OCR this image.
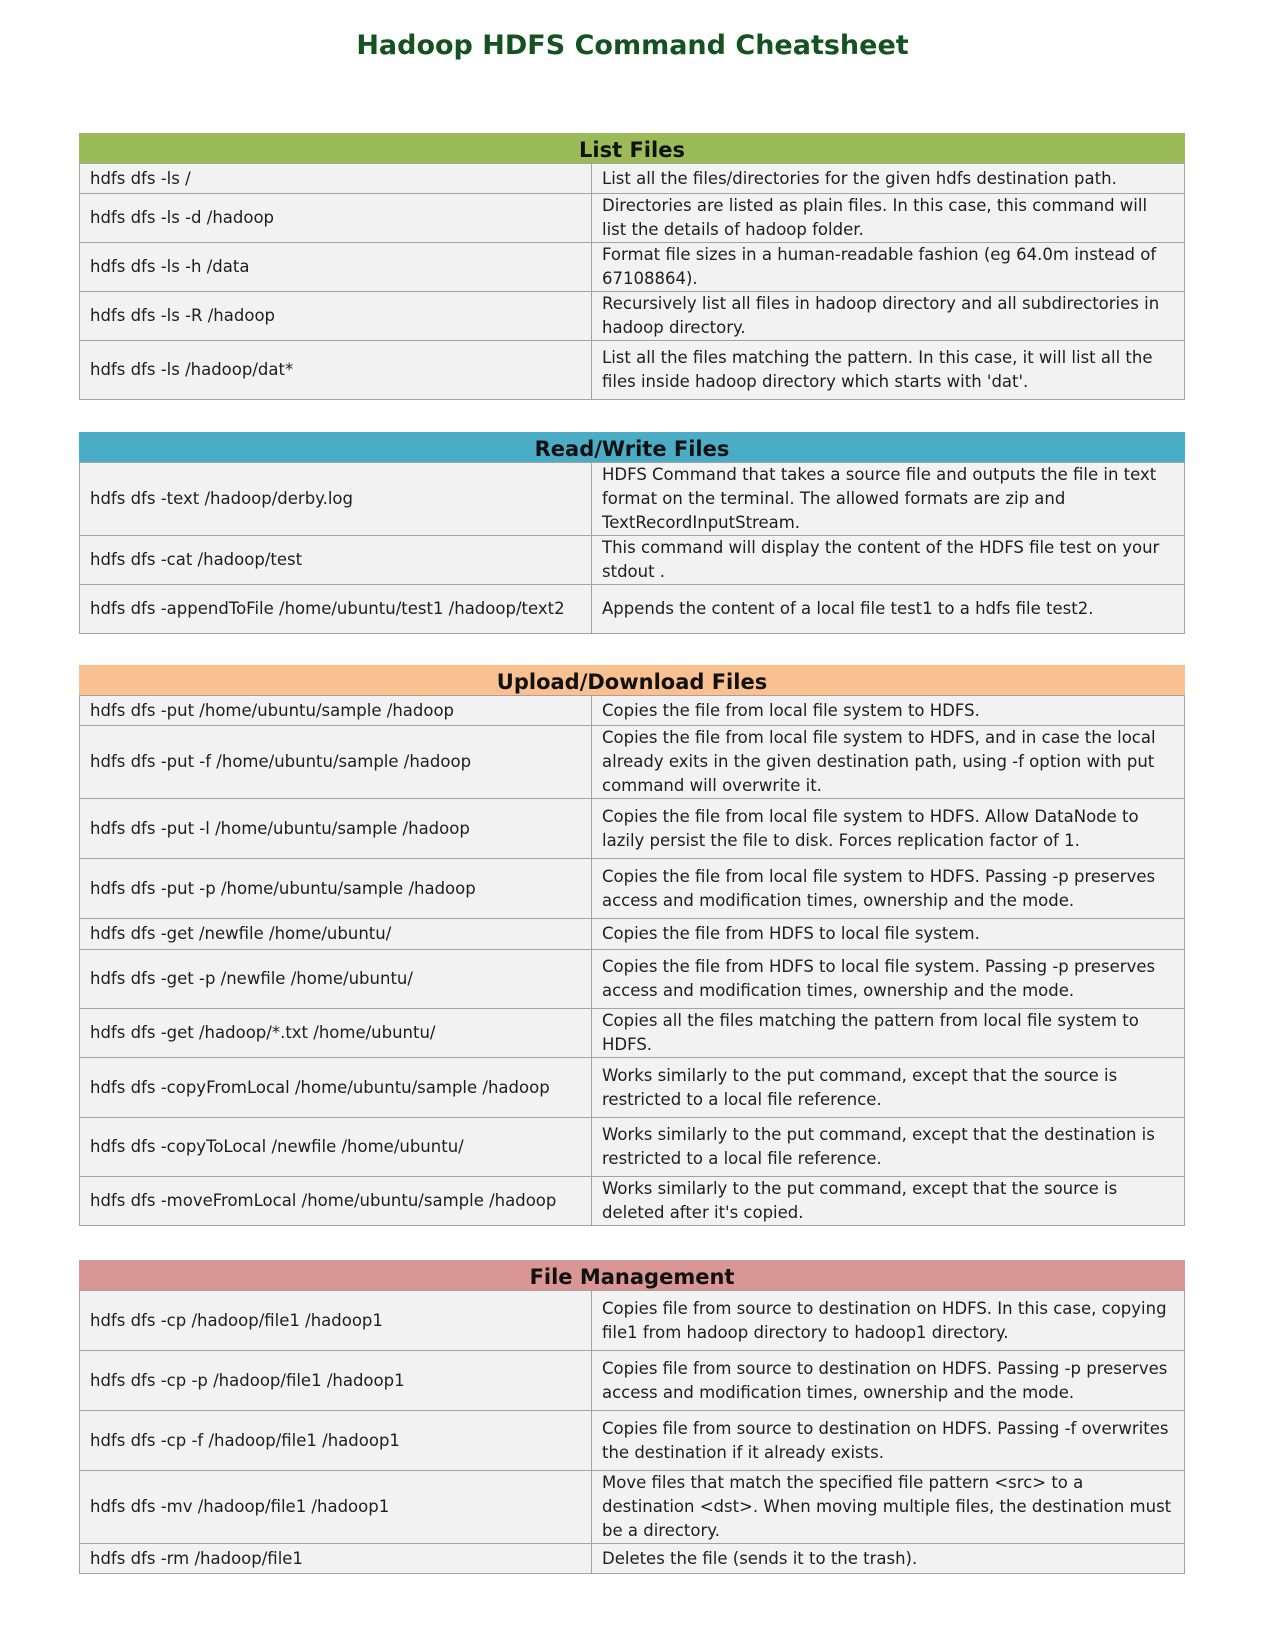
Hadoop HDFS Command Cheatsheet
List Files
hdfs dfs -ls /	List all the files/directories for the given hdfs destination path.
hdfs dfs -ls -d /hadoop	Directories are listed as plain files. In this case, this command will list the details of hadoop folder.
hdfs dfs -ls -h /data	Format file sizes in a human-readable fashion (eg 64.0m instead of 67108864).
hdfs dfs -ls -R /hadoop	Recursively list all files in hadoop directory and all subdirectories in hadoop directory.
hdfs dfs -ls /hadoop/dat*	List all the files matching the pattern. In this case, it will list all the files inside hadoop directory which starts with 'dat'.
Read/Write Files
hdfs dfs -text /hadoop/derby.log	HDFS Command that takes a source file and outputs the file in text format on the terminal. The allowed formats are zip and TextRecordInputStream.
hdfs dfs -cat /hadoop/test	This command will display the content of the HDFS file test on your stdout .
hdfs dfs -appendToFile /home/ubuntu/test1 /hadoop/text2	Appends the content of a local file test1 to a hdfs file test2.
Upload/Download Files
hdfs dfs -put /home/ubuntu/sample /hadoop	Copies the file from local file system to HDFS.
hdfs dfs -put -f /home/ubuntu/sample /hadoop	Copies the file from local file system to HDFS, and in case the local already exits in the given destination path, using -f option with put command will overwrite it.
hdfs dfs -put -l /home/ubuntu/sample /hadoop	Copies the file from local file system to HDFS. Allow DataNode to lazily persist the file to disk. Forces replication factor of 1.
hdfs dfs -put -p /home/ubuntu/sample /hadoop	Copies the file from local file system to HDFS. Passing -p preserves access and modification times, ownership and the mode.
hdfs dfs -get /newfile /home/ubuntu/	Copies the file from HDFS to local file system.
hdfs dfs -get -p /newfile /home/ubuntu/	Copies the file from HDFS to local file system. Passing -p preserves access and modification times, ownership and the mode.
hdfs dfs -get /hadoop/*.txt /home/ubuntu/	Copies all the files matching the pattern from local file system to HDFS.
hdfs dfs -copyFromLocal /home/ubuntu/sample /hadoop	Works similarly to the put command, except that the source is restricted to a local file reference.
hdfs dfs -copyToLocal /newfile /home/ubuntu/	Works similarly to the put command, except that the destination is restricted to a local file reference.
hdfs dfs -moveFromLocal /home/ubuntu/sample /hadoop	Works similarly to the put command, except that the source is deleted after it's copied.
File Management
hdfs dfs -cp /hadoop/file1 /hadoop1	Copies file from source to destination on HDFS. In this case, copying file1 from hadoop directory to hadoop1 directory.
hdfs dfs -cp -p /hadoop/file1 /hadoop1	Copies file from source to destination on HDFS. Passing -p preserves access and modification times, ownership and the mode.
hdfs dfs -cp -f /hadoop/file1 /hadoop1	Copies file from source to destination on HDFS. Passing -f overwrites the destination if it already exists.
hdfs dfs -mv /hadoop/file1 /hadoop1	Move files that match the specified file pattern <src> to a destination <dst>. When moving multiple files, the destination must be a directory.
hdfs dfs -rm /hadoop/file1	Deletes the file (sends it to the trash).
